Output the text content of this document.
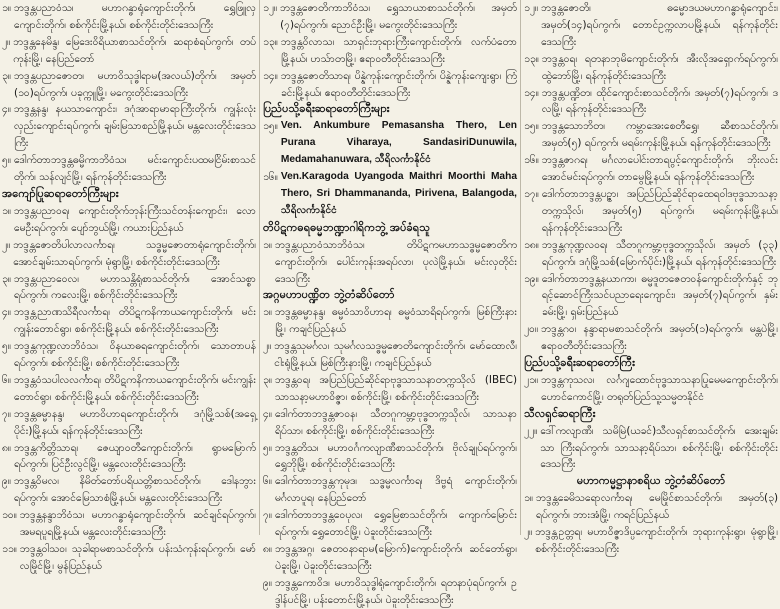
၁။ ဘဒ္ဒန္တပညာဝံသ၊ မဟာဂန္ဓာရုံကျောင်းတိုက်၊ ရွှေဖြူလှကျောင်းတိုက်၊ စစ်ကိုင်းမြို့နယ်၊ စစ်ကိုင်းတိုင်းဒေသကြီး
၂။ ဘဒ္ဒန္တနေမိန္ဒ၊ မြေဒေးဝိရိယာစာသင်တိုက်၊ ဆရာစံရပ်ကွက်၊ တပ်ကုန်းမြို့၊ နေပြည်တော်
၃။ ဘဒ္ဒန္တပညာဇောတ၊ မဟာဝိသုဒ္ဓါရာမ(အလယ်)တိုက်၊ အမှတ် (၁၀)ရပ်ကွက်၊ ပခုက္ကူမြို့၊ မကွေးတိုင်းဒေသကြီး
၄။ ဘဒ္ဒန္တနန္ဒ၊ နယသာကျောင်း၊ ဒဂုံအာရာမာရာကြီးတိုက်၊ ကျွန်းလုံးလှည်းကျောင်းရပ်ကွက်၊ ချမ်းမြသာစည်မြို့နယ်၊ မန္တလေးတိုင်းဒေသကြီး
၅။ ဒေါက်တာဘဒ္ဒန္တဓမ္မိကာဘိဝံသ၊ မင်းကျောင်းပထမငြိမ်းစာသင်တိုက်၊ သန်လျင်မြို့၊ ရန်ကုန်တိုင်းဒေသကြီး
အကျော်ပြုဆရာတော်ကြီးများ
၁။ ဘဒ္ဒန္တပညာဝရ၊ ကျောင်းတိုက်ဘုန်းကြီးသင်တန်းကျောင်း၊ လောမေဦးရပ်ကွက်၊ ပျော်ဘွယ်မြို့၊ ကယားပြည်နယ်
၂။ ဘဒ္ဒန္တဇောတိပါလာလင်္ကာရ၊ သဒ္ဓမ္မဇောတာရုံကျောင်းတိုက်၊ အောင်ချမ်းသာရပ်ကွက်၊ မုံရွာမြို့၊ စစ်ကိုင်းတိုင်းဒေသကြီး
၃။ ဘဒ္ဒန္တပညာဝေလ၊ မဟာသန္တိရုံစာသင်တိုက်၊ အောင်သစ္စာ ရပ်ကွက်၊ ကလေးမြို့၊ စစ်ကိုင်းတိုင်းဒေသကြီး
၄။ ဘဒ္ဒန္တညာဏသိရီလင်္ကာရ၊ တိပိဋကနိကာယကျောင်းတိုက်၊ မင်းကျွန်းတောင်ရွာ၊ စစ်ကိုင်းမြို့နယ်၊ စစ်ကိုင်းတိုင်းဒေသကြီး
၅။ ဘဒ္ဒန္တကုဏ္ဍလာဘိဝံသ၊ ဝိနယာဓရကျောင်းတိုက်၊ သောတာပန်ရပ်ကွက်၊ စစ်ကိုင်းမြို့၊ စစ်ကိုင်းတိုင်းဒေသကြီး
၆။ ဘဒ္ဒန္တဝံသပါလလင်္ကာရ၊ တိပိဋကနိကာယကျောင်းတိုက်၊ မင်းကျွန်းတောင်ရွာ၊ စစ်ကိုင်းမြို့နယ်၊ စစ်ကိုင်းတိုင်းဒေသကြီး
၇။ ဘဒ္ဒန္တဓမ္မာနန္ဒ၊ မဟာဝိဟာရကျောင်းတိုက်၊ ဒဂုံမြို့သစ်(အရှေ့ပိုင်း)မြို့နယ်၊ ရန်ကုန်တိုင်းဒေသကြီး
၈။ ဘဒ္ဒန္တကိတ္တိသာရ၊ ဇေယျာဝတီကျောင်းတိုက်၊ ရွာမမြောက်ရပ်ကွက်၊ ပြင်ဦးလွင်မြို့၊ မန္တလေးတိုင်းဒေသကြီး
၉။ ဘဒ္ဒန္တဝိမလ၊ နိမိတ်တော်ပရိယတ္တိစာသင်တိုက်၊ ဒေါနဘွား ရပ်ကွက်၊ အောင်မြေသာစံမြို့နယ်၊ မန္တလေးတိုင်းဒေသကြီး
၁၀။ ဘဒ္ဒန္တနန္ဒာဘိဝံသ၊ မဟာဂန္ဓာရုံကျောင်းတိုက်၊ ဆင်ချင်ရပ်ကွက်၊ အမရပူရမြို့နယ်၊ မန္တလေးတိုင်းဒေသကြီး
၁၁။ ဘဒ္ဒန္တဝါသဝ၊ သုခါရာမစာသင်တိုက်၊ ပန်းသံကုန်းရပ်ကွက်၊ မော်လမြိုင်မြို့၊ မွန်ပြည်နယ်
၁၂။ ဘဒ္ဒန္တဇောတိကာဘိဝံသ၊ ရွှေသာယာစာသင်တိုက်၊ အမှတ် (၇)ရပ်ကွက်၊ ညောင်ဦးမြို့၊ မကွေးတိုင်းဒေသကြီး
၁၃။ ဘဒ္ဒန္တဝိလာသ၊ သာရှင်းဘုရားကြီးကျောင်းတိုက်၊ လက်ပံတောမြို့နယ်၊ ဟသ်ာတမြို့၊ ဧရာဝတီတိုင်းဒေသကြီး
၁၄။ ဘဒ္ဒန္တဇောတိသာရ၊ ပိန္နဲကုန်းကျောင်းတိုက်၊ ပိန္နဲကုန်းကျေးရွာ၊ ကြံခင်းမြို့နယ်၊ ဧရာဝတီတိုင်းဒေသကြီး
ပြည်ပသို့ခရီးဆရာတော်ကြီးများ
၁၅။ Ven. Ankumbure Pemasansha Thero, Len Purana Viharaya, SandasiriDunuwila, Medamahanuwara, သီရိလင်္ကာနိုင်ငံ
၁၆။ Ven.Karagoda Uyangoda Maithri Moorthi Maha Thero, Sri Dhammananda, Pirivena, Balangoda, သီရိလင်္ကာနိုင်ငံ
တိပိဋကဓရဓမ္မဘဏ္ဍာဂါရိကဘွဲ့ အပ်ခံရသူ
၁။ ဘဒ္ဒန္တပညာဝံသာဘိဝံသ၊ တိပိဋကမဟာသဒ္ဓမ္မဇောတိကကျောင်းတိုက်၊ ပေါင်းကုန်းအရပ်လာ၊ ပုလဲမြို့နယ်၊ မင်းလှတိုင်းဒေသကြီး
အဂ္ဂမဟာပဏ္ဍိတ ဘွဲ့တံဆိပ်တော်
၁။ ဘဒ္ဒန္တဓမ္မာနန္ဒ၊ ဓမ္မဝံသာဝိဟာရ၊ ဓမ္မဝံသာရိရပ်ကွက်၊ မြစ်ကြီးနားမြို့၊ ကချင်ပြည်နယ်
၂။ ဘဒ္ဒန္တသုမင်္ဂလ၊ သုမင်္ဂလသဒ္ဓမ္မဇောတိကျောင်းတိုက်၊ မော်ထောလီ၊ ငါးရုံမြို့နယ်၊ မြစ်ကြီးနားမြို့၊ ကချင်ပြည်နယ်
၃။ ဘဒ္ဒန္တဝရ၊ အပြည်ပြည်ဆိုင်ရာဗုဒ္ဓသာသနာတက္ကသိုလ် (IBEC) သာသနာ့မဟာဝိဇ္ဇာ၊ စစ်ကိုင်းမြို့၊ စစ်ကိုင်းတိုင်းဒေသကြီး
၄။ ဒေါက်တာဘဒ္ဒန္တဇာဝန၊ သီတဂူကမ္ဘာ့ဗုဒ္ဓတက္ကသိုလ်၊ သာသနာရိပ်သာ၊ စစ်ကိုင်းမြို့၊ စစ်ကိုင်းတိုင်းဒေသကြီး
၅။ ဘဒ္ဒန္တတိသ၊ မဟာဝင်္ဂကလျာဏီစာသင်တိုက်၊ ဗိုလ်ချုပ်ရပ်ကွက်၊ ရွှေဘိုမြို့၊ စစ်ကိုင်းတိုင်းဒေသကြီး
၆။ ဒေါက်တာဘဒ္ဒန္တကုမုဒ၊ သဒ္ဓမ္မလင်္ကာရ၊ ဒိဗ္ဗရံ ကျောင်းတိုက်၊ မင်္ဂလာပူရ၊ နေပြည်တော်
၇။ ဒေါက်တာဘဒ္ဒန္တဝေပုလ၊ ရွှေမြေစာသင်တိုက်၊ ကျောက်မြောင်းရပ်ကွက်၊ ရွှေတောင်မြို့၊ ပဲခူးတိုင်းဒေသကြီး
၈။ ဘဒ္ဒန္တအဂ္ဂ၊ ဇေတဝနာရာမ(မြောက်)ကျောင်းတိုက်၊ ဆင်တော်ရွာ၊ ပဲခူးမြို့၊ ပဲခူးတိုင်းဒေသကြီး
၉။ ဘဒ္ဒန္တကောဝိဒ၊ မဟာဝိသုဒ္ဓါရုံကျောင်းတိုက်၊ ရတနာပုံရပ်ကွက်၊ ဥဒ္ဒါန်ပင်မြို့၊ ပန်းတောင်းမြို့နယ်၊ ပဲခူးတိုင်းဒေသကြီး
၁၂။ ဘဒ္ဒန္တဇောတိ၊ ဓမ္မောဒယမဟာဂန္ဓာရုံကျောင်း၊ အမှတ်(၁၄)ရပ်ကွက်၊ တောင်ဥက္ကလာပမြို့နယ်၊ ရန်ကုန်တိုင်းဒေသကြီး
၁၃။ ဘဒ္ဒန္တဝရ၊ ရတနာဘုမိကျောင်းတိုက်၊ အီးလိုအရှောက်ရပ်ကွက်၊ ထွဲဘော်မြို့၊ ရန်ကုန်တိုင်းဒေသကြီး
၁၄။ ဘဒ္ဒန္တပဏ္ဍိတ၊ ထိုင်ကျောင်းစာသင်တိုက်၊ အမှတ်(၇)ရပ်ကွက်၊ ဒလမြို့၊ ရန်ကုန်တိုင်းဒေသကြီး
၁၅။ ဘဒ္ဒန္တသောဘိတ၊ ကမ္ဘာအေးစေတီရွှေ၊ ဆီစာသင်တိုက်၊ အမှတ်(၅) ရပ်ကွက်၊ မရမ်းကုန်းမြို့နယ်၊ ရန်ကုန်တိုင်းဒေသကြီး
၁၆။ ဘဒ္ဒန္တဇာဂရ၊ မင်္ဂလာပေါင်းတာရပွင့်ကျောင်းတိုက်၊ ဘိုးလင်းအောင်မင်းရပ်ကွက်၊ တာမွေမြို့နယ်၊ ရန်ကုန်တိုင်းဒေသကြီး
၁၇။ ဒေါက်တာဘဒ္ဒန္တပဉ္ဇာ၊ အပြည်ပြည်ဆိုင်ရာထေရဝါဒဗုဒ္ဓသာသနာ့တက္ကသိုလ်၊ အမှတ်(၅) ရပ်ကွက်၊ မရမ်းကုန်းမြို့နယ်၊ ရန်ကုန်တိုင်းဒေသကြီး
၁၈။ ဘဒ္ဒန္တကုဏ္ဍလဝရ၊ သီတဂူကမ္ဘာ့ဗုဒ္ဓတက္ကသိုလ်၊ အမှတ် (၃၃) ရပ်ကွက်၊ ဒဂုံမြို့သစ်(မြောက်ပိုင်း)မြို့နယ်၊ ရန်ကုန်တိုင်းဒေသကြီး
၁၉။ ဒေါက်တာဘဒ္ဒန္တနယာကာ၊ ဓမ္မဒူတဇေတဝန်ကျောင်းတိုက်နှင့် ဘုရင့်ဆောင်ကြီးသင်ပညာရေးကျောင်း၊ အမှတ်(၇)ရပ်ကွက်၊ နှမ်းခမ်းမြို့၊ ရှမ်းပြည်နယ်
၂၀။ ဘဒ္ဒန္တဂဝ၊ နန္ဒာရာမစာသင်တိုက်၊ အမှတ်(၁)ရပ်ကွက်၊ မန္တပဲမြို့၊ ဧရာဝတီတိုင်းဒေသကြီး
ပြည်ပသို့ခရီးဆရာတော်ကြီး
၂၁။ ဘဒ္ဒန္တကုသလ၊ လင်္ဂဂျထောင်ဗုဒ္ဓသာသနာပြုမေမကျောင်းတိုက်၊ ဟောင်ကောင်မြို့၊ တရုတ်ပြည်သူ့သမ္မတနိုင်ငံ
သီလရှင်ဆရာကြီး
၂၂။ ဒေါ်ကလျာဏီ၊ သမိမြဲ(ယခင်)သီလရှင်စာသင်တိုက်၊ အေးချမ်းသာ ကြီးရပ်ကွက်၊ သာသနာ့ရိပ်သာ၊ စစ်ကိုင်းမြို့၊ စစ်ကိုင်းတိုင်း ဒေသကြီး
မဟာကမ္မဋ္ဌာနာစရိယ ဘွဲ့တံဆိပ်တော်
၁။ ဘဒ္ဒန္တခေမိသရောလင်္ကာရ၊ မေမြိုင်စာသင်တိုက်၊ အမှတ်(၃) ရပ်ကွက်၊ ဘားအံမြို့၊ ကရင်ပြည်နယ်
၂။ ဘဒ္ဒန္တဥတ္တရ၊ မဟာဝိဇ္ဇာဒိပ္ပကျောင်းတိုက်၊ ဘုရားကုန်းရွာ၊ မုံရွာမြို့၊ စစ်ကိုင်းတိုင်းဒေသကြီး
